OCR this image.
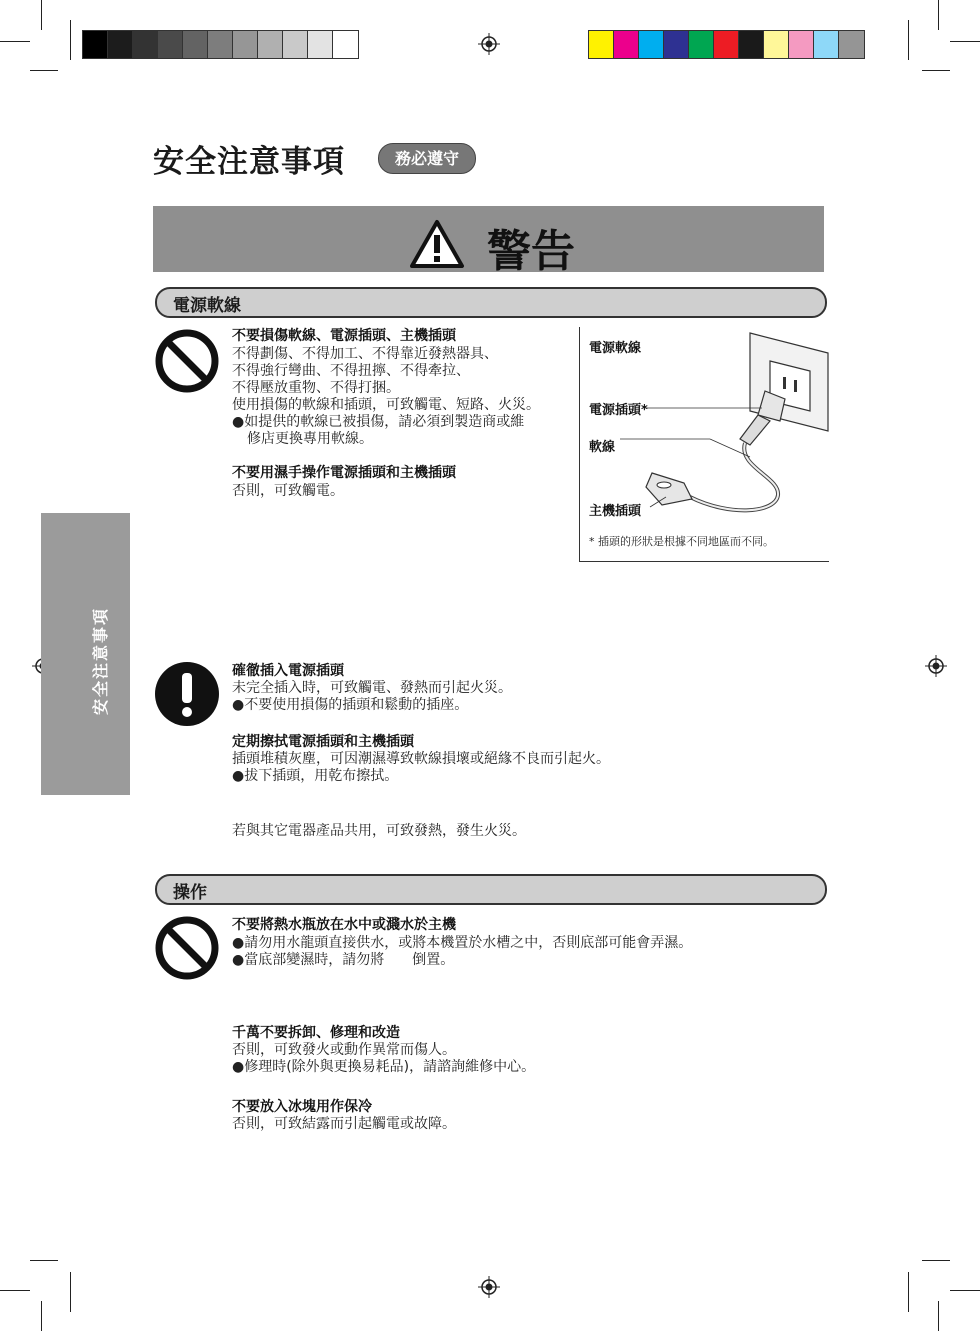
安全注意事項	務必遵守
警告
安全注意事項
電源軟線
不要損傷軟線、電源插頭、主機插頭
不得劃傷、不得加工、不得靠近發熱器具、
不得強行彎曲、不得扭擰、不得牽拉、
不得壓放重物、不得打捆。
使用損傷的軟線和插頭，可致觸電、短路、火災。
●如提供的軟線已被損傷，請必須到製造商或維
修店更換專用軟線。
不要用濕手操作電源插頭和主機插頭
否則，可致觸電。
電源軟線
電源插頭*
軟線
主機插頭
* 插頭的形狀是根據不同地區而不同。
確徹插入電源插頭
未完全插入時，可致觸電、發熱而引起火災。
●不要使用損傷的插頭和鬆動的插座。
定期擦拭電源插頭和主機插頭
插頭堆積灰塵，可因潮濕導致軟線損壞或絕緣不良而引起火。
●拔下插頭，用乾布擦拭。
若與其它電器產品共用，可致發熱，發生火災。
操作
不要將熱水瓶放在水中或濺水於主機
●請勿用水龍頭直接供水，或將本機置於水槽之中，否則底部可能會弄濕。
●當底部變濕時，請勿將　　倒置。
千萬不要拆卸、修理和改造
否則，可致發火或動作異常而傷人。
●修理時(除外與更換易耗品)，請諮詢維修中心。
不要放入冰塊用作保冷
否則，可致結露而引起觸電或故障。
